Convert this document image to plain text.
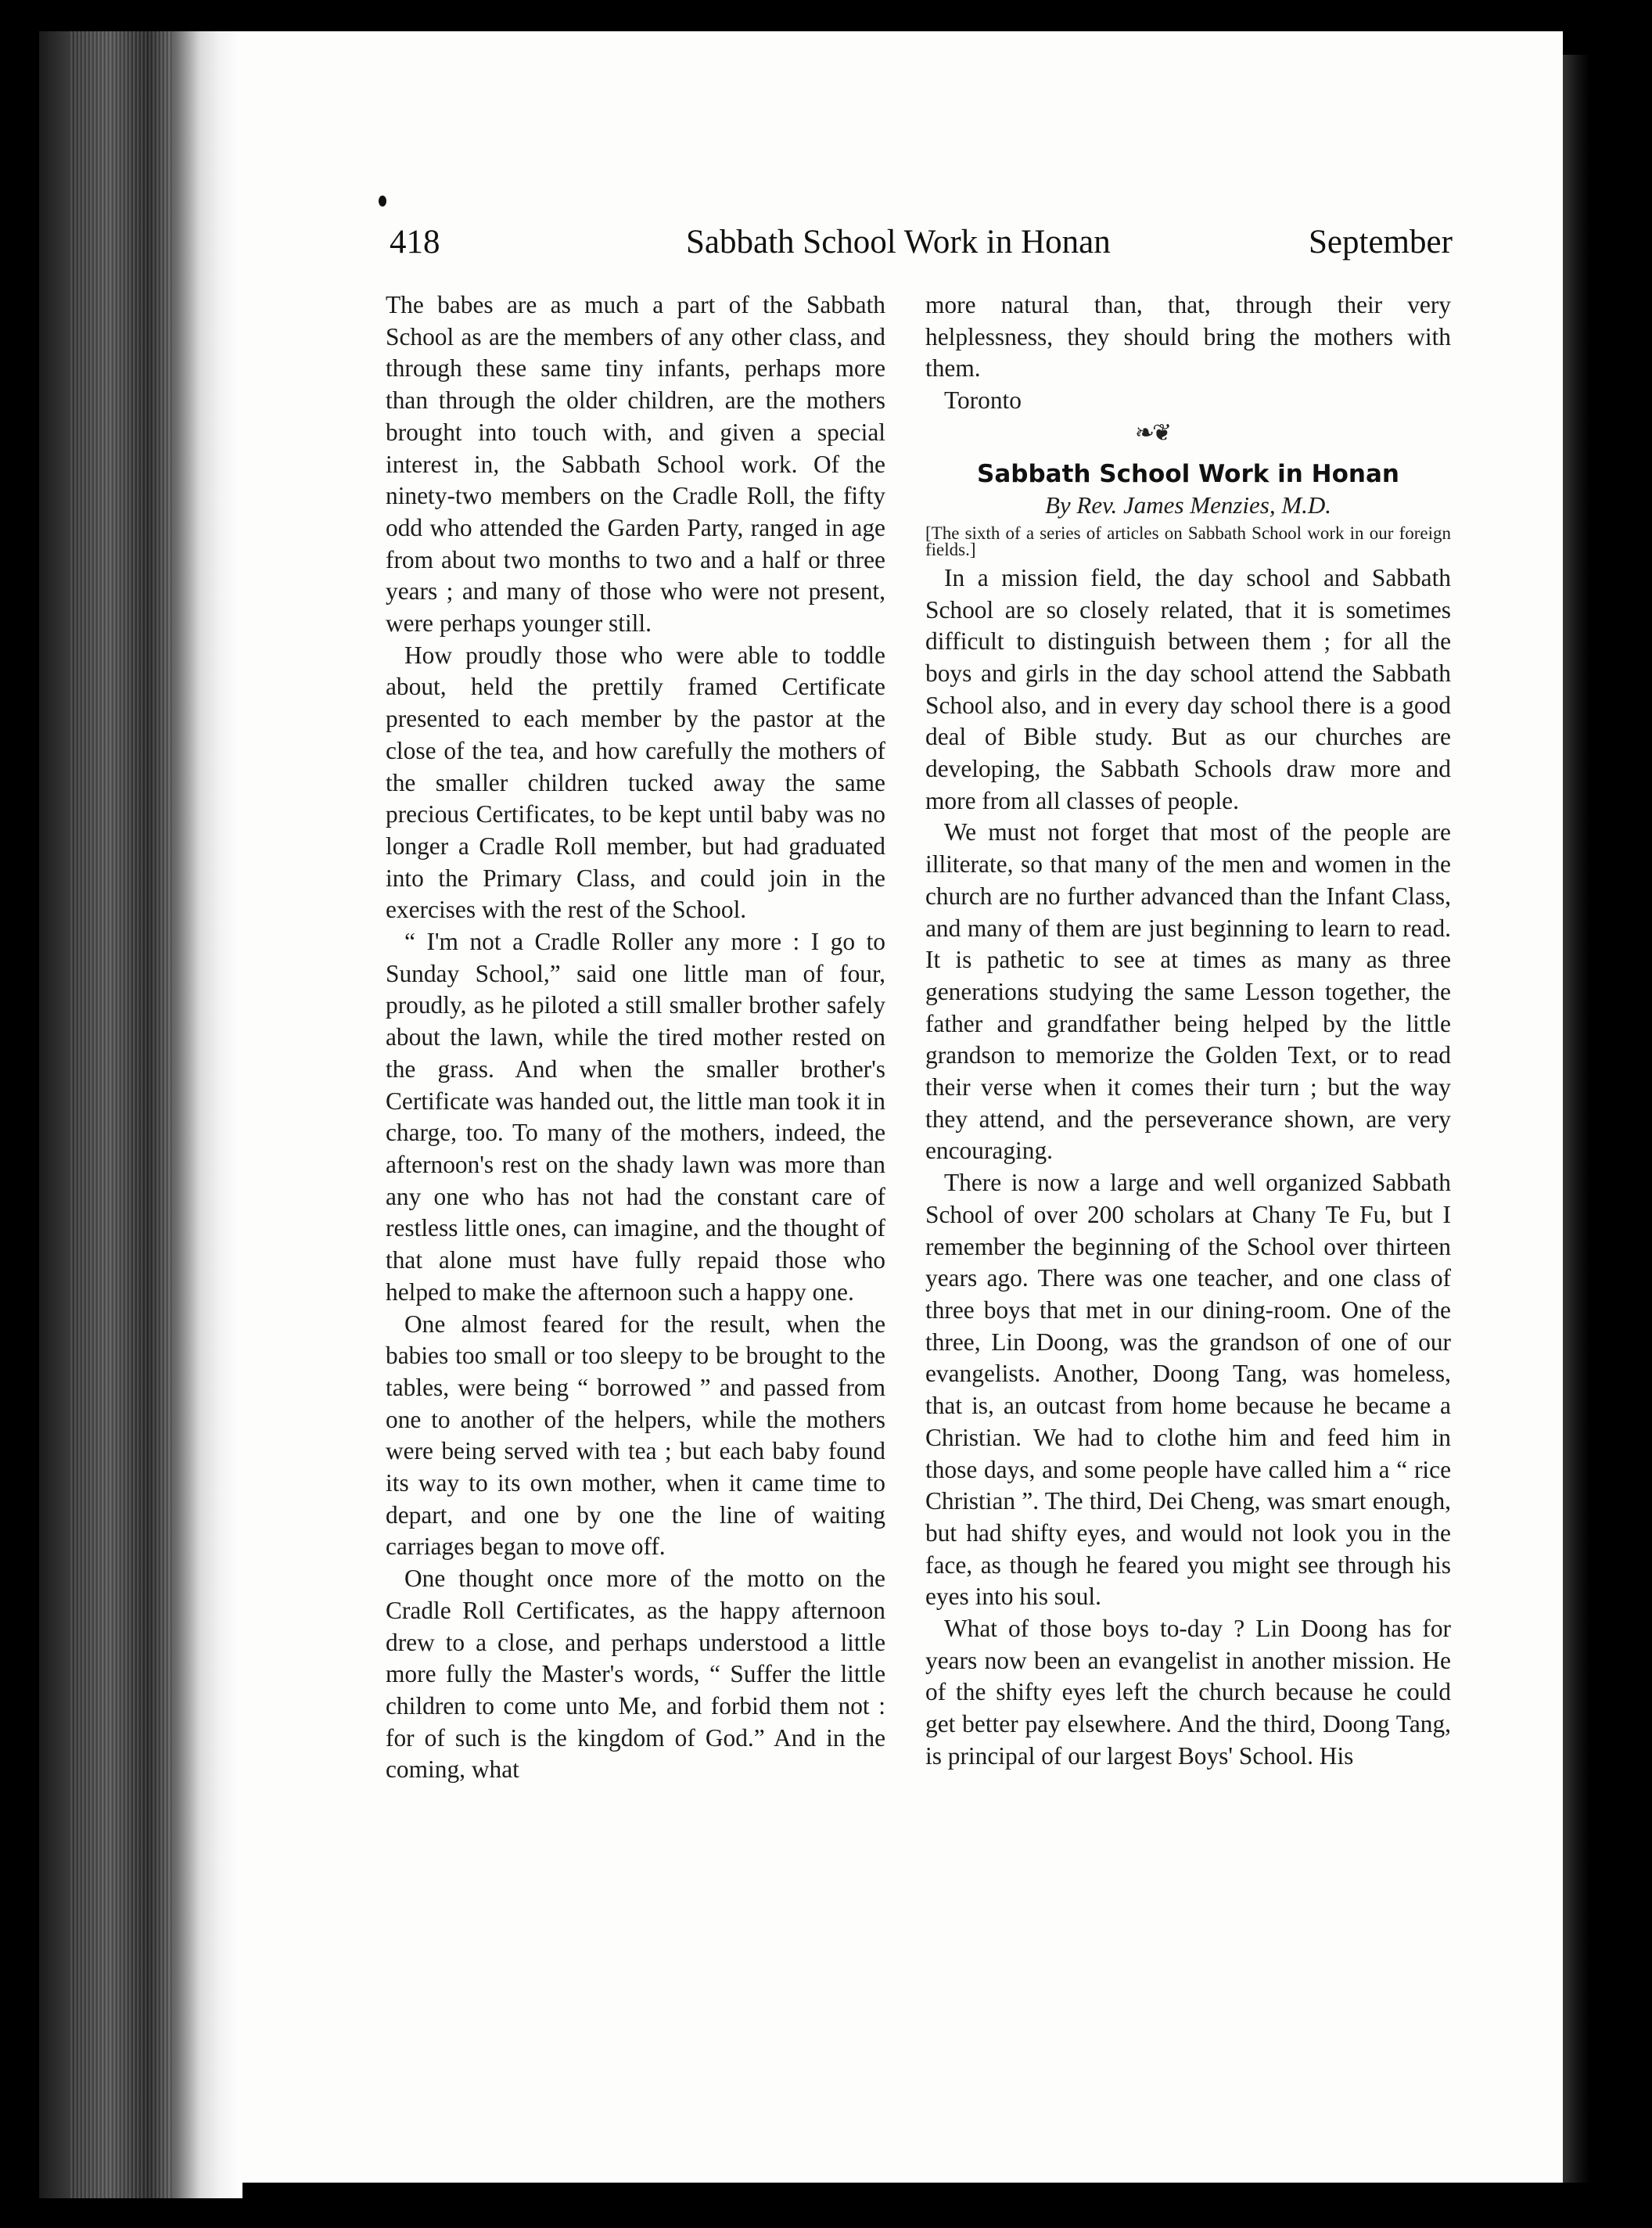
418	Sabbath School Work in Honan	September

The babes are as much a part of the Sabbath School as are the members of any other class, and through these same tiny infants, perhaps more than through the older children, are the mothers brought into touch with, and given a special interest in, the Sabbath School work. Of the ninety-two members on the Cradle Roll, the fifty odd who attended the Garden Party, ranged in age from about two months to two and a half or three years ; and many of those who were not present, were perhaps younger still.

How proudly those who were able to toddle about, held the prettily framed Certificate presented to each member by the pastor at the close of the tea, and how carefully the mothers of the smaller children tucked away the same precious Certificates, to be kept until baby was no longer a Cradle Roll member, but had graduated into the Primary Class, and could join in the exercises with the rest of the School.

“ I'm not a Cradle Roller any more : I go to Sunday School,” said one little man of four, proudly, as he piloted a still smaller brother safely about the lawn, while the tired mother rested on the grass. And when the smaller brother's Certificate was handed out, the little man took it in charge, too. To many of the mothers, indeed, the afternoon's rest on the shady lawn was more than any one who has not had the constant care of restless little ones, can imagine, and the thought of that alone must have fully repaid those who helped to make the afternoon such a happy one.

One almost feared for the result, when the babies too small or too sleepy to be brought to the tables, were being “ borrowed ” and passed from one to another of the helpers, while the mothers were being served with tea ; but each baby found its way to its own mother, when it came time to depart, and one by one the line of waiting carriages began to move off.

One thought once more of the motto on the Cradle Roll Certificates, as the happy afternoon drew to a close, and perhaps understood a little more fully the Master's words, “ Suffer the little children to come unto Me, and forbid them not : for of such is the kingdom of God.” And in the coming, what

more natural than, that, through their very helplessness, they should bring the mothers with them.

Toronto

❧❦
Sabbath School Work in Honan
By Rev. James Menzies, M.D.
[The sixth of a series of articles on Sabbath School work in our foreign fields.]

In a mission field, the day school and Sabbath School are so closely related, that it is sometimes difficult to distinguish between them ; for all the boys and girls in the day school attend the Sabbath School also, and in every day school there is a good deal of Bible study. But as our churches are developing, the Sabbath Schools draw more and more from all classes of people.

We must not forget that most of the people are illiterate, so that many of the men and women in the church are no further advanced than the Infant Class, and many of them are just beginning to learn to read. It is pathetic to see at times as many as three generations studying the same Lesson together, the father and grandfather being helped by the little grandson to memorize the Golden Text, or to read their verse when it comes their turn ; but the way they attend, and the perseverance shown, are very encouraging.

There is now a large and well organized Sabbath School of over 200 scholars at Chany Te Fu, but I remember the beginning of the School over thirteen years ago. There was one teacher, and one class of three boys that met in our dining-room. One of the three, Lin Doong, was the grandson of one of our evangelists. Another, Doong Tang, was homeless, that is, an outcast from home because he became a Christian. We had to clothe him and feed him in those days, and some people have called him a “ rice Christian ”. The third, Dei Cheng, was smart enough, but had shifty eyes, and would not look you in the face, as though he feared you might see through his eyes into his soul.

What of those boys to-day ? Lin Doong has for years now been an evangelist in another mission. He of the shifty eyes left the church because he could get better pay elsewhere. And the third, Doong Tang, is principal of our largest Boys' School. His
